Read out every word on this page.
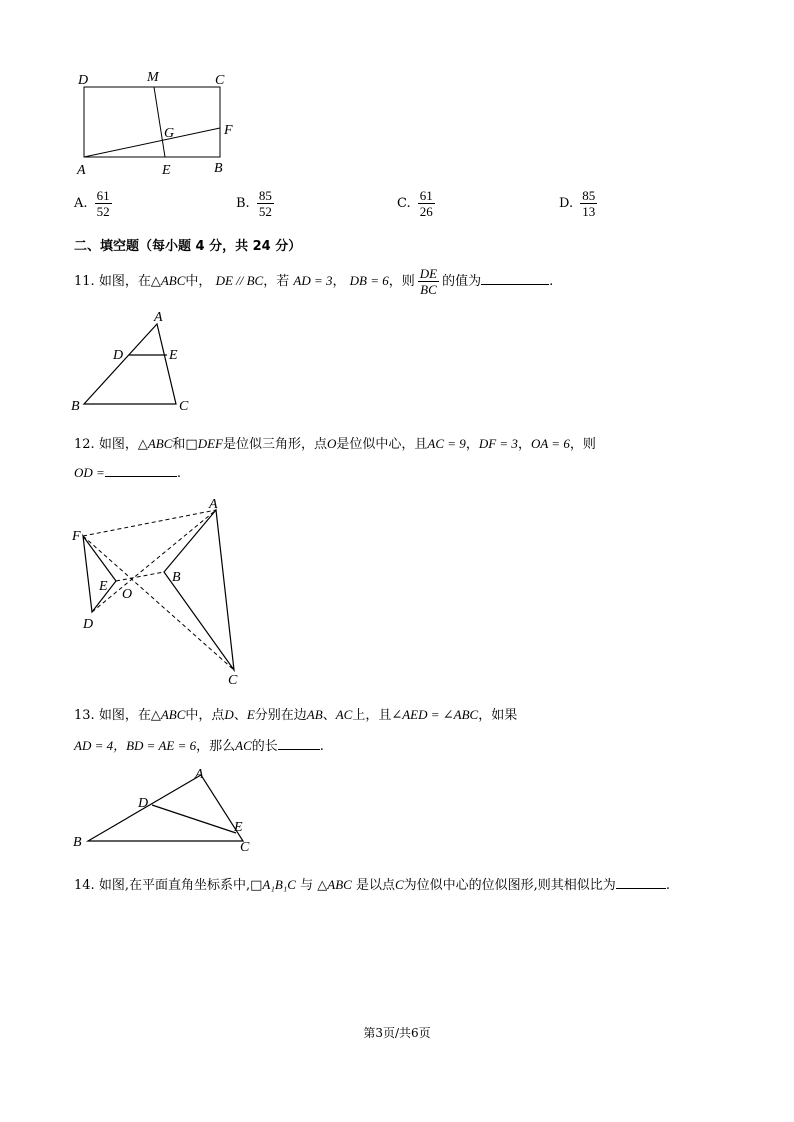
D	M	C
G	F
A	E	B
A. $\frac{61}{52}$	B. $\frac{85}{52}$	C. $\frac{61}{26}$	D. $\frac{85}{13}$
二、填空题（每小题 4 分，共 24 分）
11. 如图，在△ABC中， DE // BC，若 AD = 3， DB = 6，则 $\frac{DE}{BC}$ 的值为	.
A
D	E
B	C
12. 如图，△ABC和□DEF是位似三角形，点O是位似中心，且AC = 9，DF = 3，OA = 6，则
OD =	.
A
F
E
O
B
D
C
13. 如图，在△ABC中，点D、E分别在边AB、AC上，且∠AED = ∠ABC，如果
AD = 4，BD = AE = 6，那么AC的长	.
A
D
E
B	C
14. 如图,在平面直角坐标系中,□A₁B₁C 与 △ABC 是以点C为位似中心的位似图形,则其相似比为	.
第3页/共6页
